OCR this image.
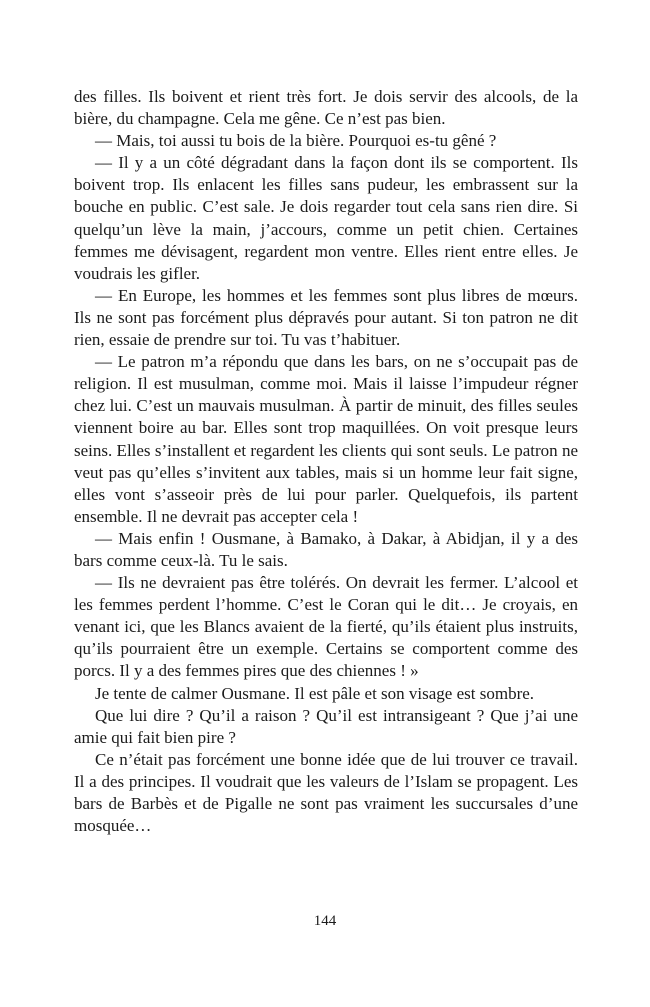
des filles. Ils boivent et rient très fort. Je dois servir des alcools, de la bière, du champagne. Cela me gêne. Ce n’est pas bien.

— Mais, toi aussi tu bois de la bière. Pourquoi es-tu gêné ?

— Il y a un côté dégradant dans la façon dont ils se comportent. Ils boivent trop. Ils enlacent les filles sans pudeur, les embrassent sur la bouche en public. C’est sale. Je dois regarder tout cela sans rien dire. Si quelqu’un lève la main, j’accours, comme un petit chien. Certaines femmes me dévisagent, regardent mon ventre. Elles rient entre elles. Je voudrais les gifler.

— En Europe, les hommes et les femmes sont plus libres de mœurs. Ils ne sont pas forcément plus dépravés pour autant. Si ton patron ne dit rien, essaie de prendre sur toi. Tu vas t’habituer.

— Le patron m’a répondu que dans les bars, on ne s’occupait pas de religion. Il est musulman, comme moi. Mais il laisse l’impudeur régner chez lui. C’est un mauvais musulman. À partir de minuit, des filles seules viennent boire au bar. Elles sont trop maquillées. On voit presque leurs seins. Elles s’installent et regardent les clients qui sont seuls. Le patron ne veut pas qu’elles s’invitent aux tables, mais si un homme leur fait signe, elles vont s’asseoir près de lui pour parler. Quelquefois, ils partent ensemble. Il ne devrait pas accepter cela !

— Mais enfin ! Ousmane, à Bamako, à Dakar, à Abidjan, il y a des bars comme ceux-là. Tu le sais.

— Ils ne devraient pas être tolérés. On devrait les fermer. L’alcool et les femmes perdent l’homme. C’est le Coran qui le dit… Je croyais, en venant ici, que les Blancs avaient de la fierté, qu’ils étaient plus instruits, qu’ils pourraient être un exemple. Certains se comportent comme des porcs. Il y a des femmes pires que des chiennes ! »

Je tente de calmer Ousmane. Il est pâle et son visage est sombre.

Que lui dire ? Qu’il a raison ? Qu’il est intransigeant ? Que j’ai une amie qui fait bien pire ?

Ce n’était pas forcément une bonne idée que de lui trouver ce travail. Il a des principes. Il voudrait que les valeurs de l’Islam se propagent. Les bars de Barbès et de Pigalle ne sont pas vraiment les succursales d’une mosquée…

144
